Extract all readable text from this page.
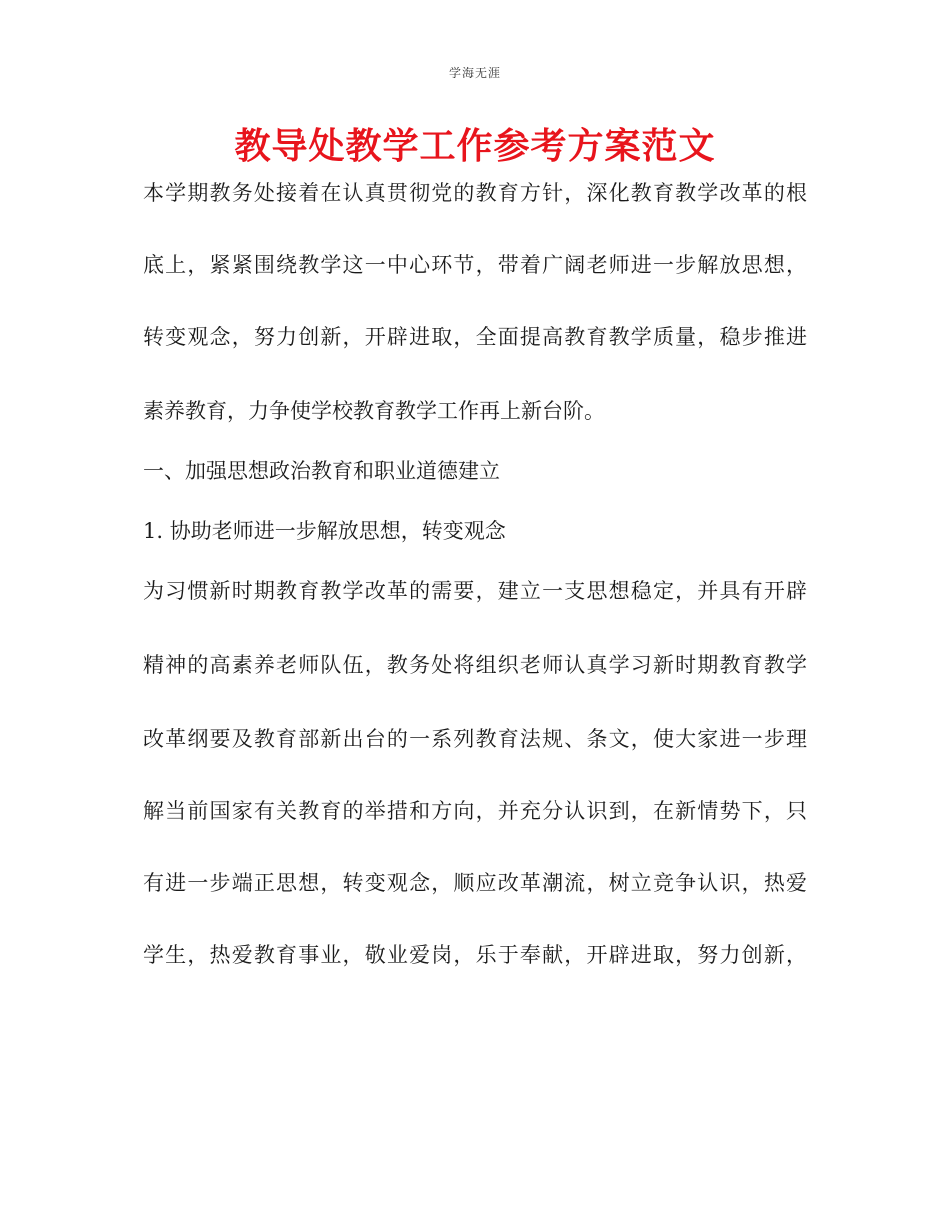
学海无涯
教导处教学工作参考方案范文
本学期教务处接着在认真贯彻党的教育方针，深化教育教学改革的根
底上，紧紧围绕教学这一中心环节，带着广阔老师进一步解放思想，
转变观念，努力创新，开辟进取，全面提高教育教学质量，稳步推进
素养教育，力争使学校教育教学工作再上新台阶。
一、加强思想政治教育和职业道德建立
1. 协助老师进一步解放思想，转变观念
为习惯新时期教育教学改革的需要，建立一支思想稳定，并具有开辟
精神的高素养老师队伍，教务处将组织老师认真学习新时期教育教学
改革纲要及教育部新出台的一系列教育法规、条文，使大家进一步理
解当前国家有关教育的举措和方向，并充分认识到，在新情势下，只
有进一步端正思想，转变观念，顺应改革潮流，树立竞争认识，热爱
学生，热爱教育事业，敬业爱岗，乐于奉献，开辟进取，努力创新，
